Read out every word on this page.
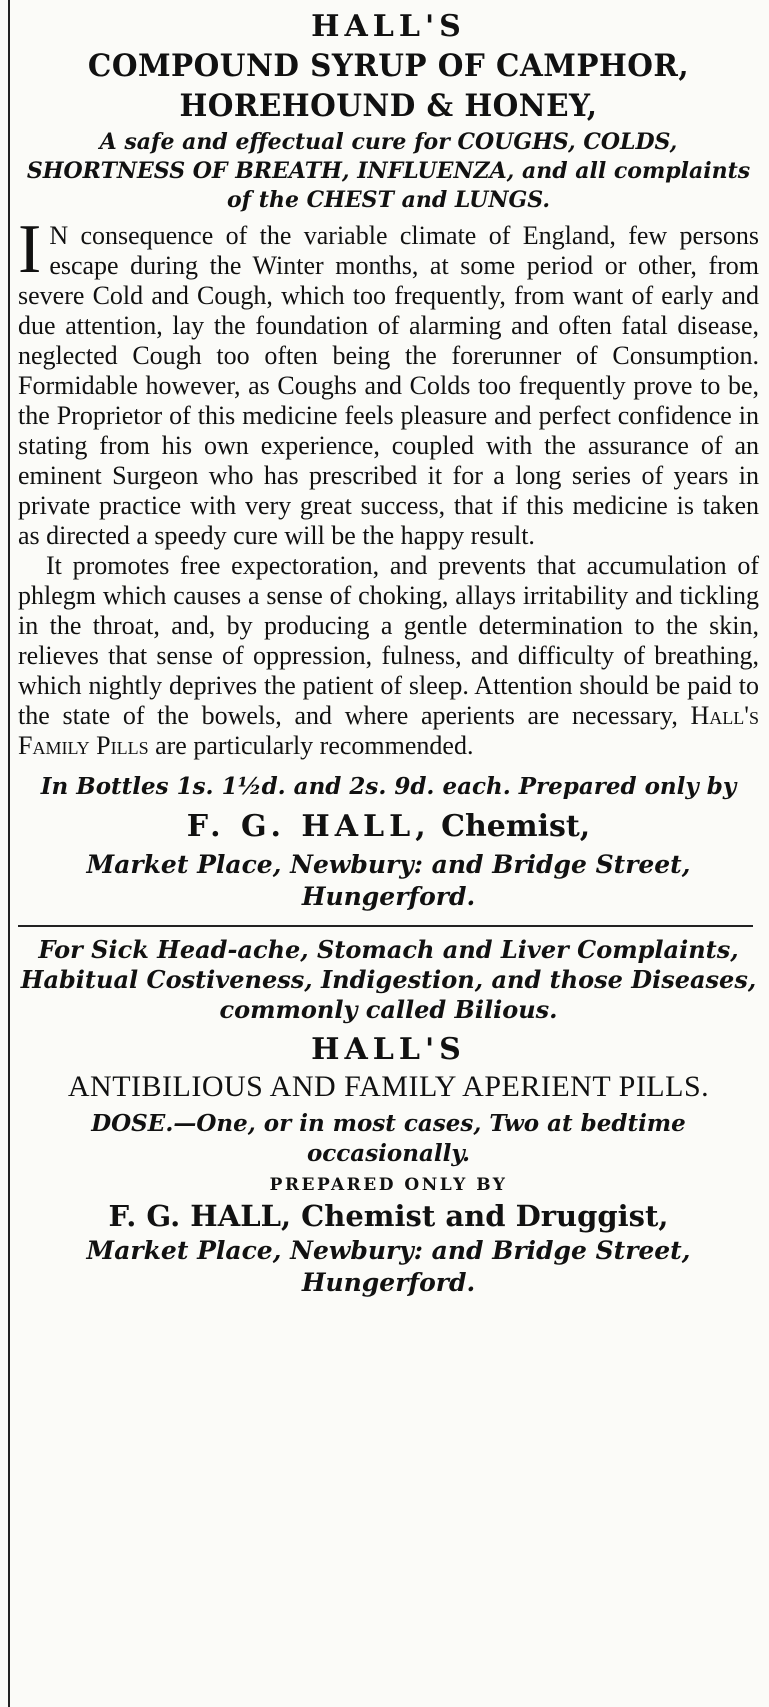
HALL'S

COMPOUND SYRUP OF CAMPHOR,

HOREHOUND & HONEY,

A safe and effectual cure for COUGHS, COLDS, SHORTNESS OF BREATH, INFLUENZA, and all complaints of the CHEST and LUNGS.

I N consequence of the variable climate of England, few persons escape during the Winter months, at some period or other, from severe Cold and Cough, which too frequently, from want of early and due attention, lay the foundation of alarming and often fatal disease, neglected Cough too often being the forerunner of Consumption. Formidable however, as Coughs and Colds too frequently prove to be, the Proprietor of this medicine feels pleasure and perfect confidence in stating from his own experience, coupled with the assurance of an eminent Surgeon who has prescribed it for a long series of years in private practice with very great success, that if this medicine is taken as directed a speedy cure will be the happy result.

It promotes free expectoration, and prevents that accumulation of phlegm which causes a sense of choking, allays irritability and tickling in the throat, and, by producing a gentle determination to the skin, relieves that sense of oppression, fulness, and difficulty of breathing, which nightly deprives the patient of sleep. Attention should be paid to the state of the bowels, and where aperients are necessary, Hall's Family Pills are particularly recommended.

In Bottles 1s. 1½d. and 2s. 9d. each. Prepared only by

F. G. HALL, Chemist,

Market Place, Newbury: and Bridge Street,

Hungerford.

For Sick Head-ache, Stomach and Liver Complaints, Habitual Costiveness, Indigestion, and those Diseases, commonly called Bilious.

HALL'S

ANTIBILIOUS AND FAMILY APERIENT PILLS.

DOSE.—One, or in most cases, Two at bedtime occasionally.

PREPARED ONLY BY

F. G. HALL, Chemist and Druggist,

Market Place, Newbury: and Bridge Street,

Hungerford.
